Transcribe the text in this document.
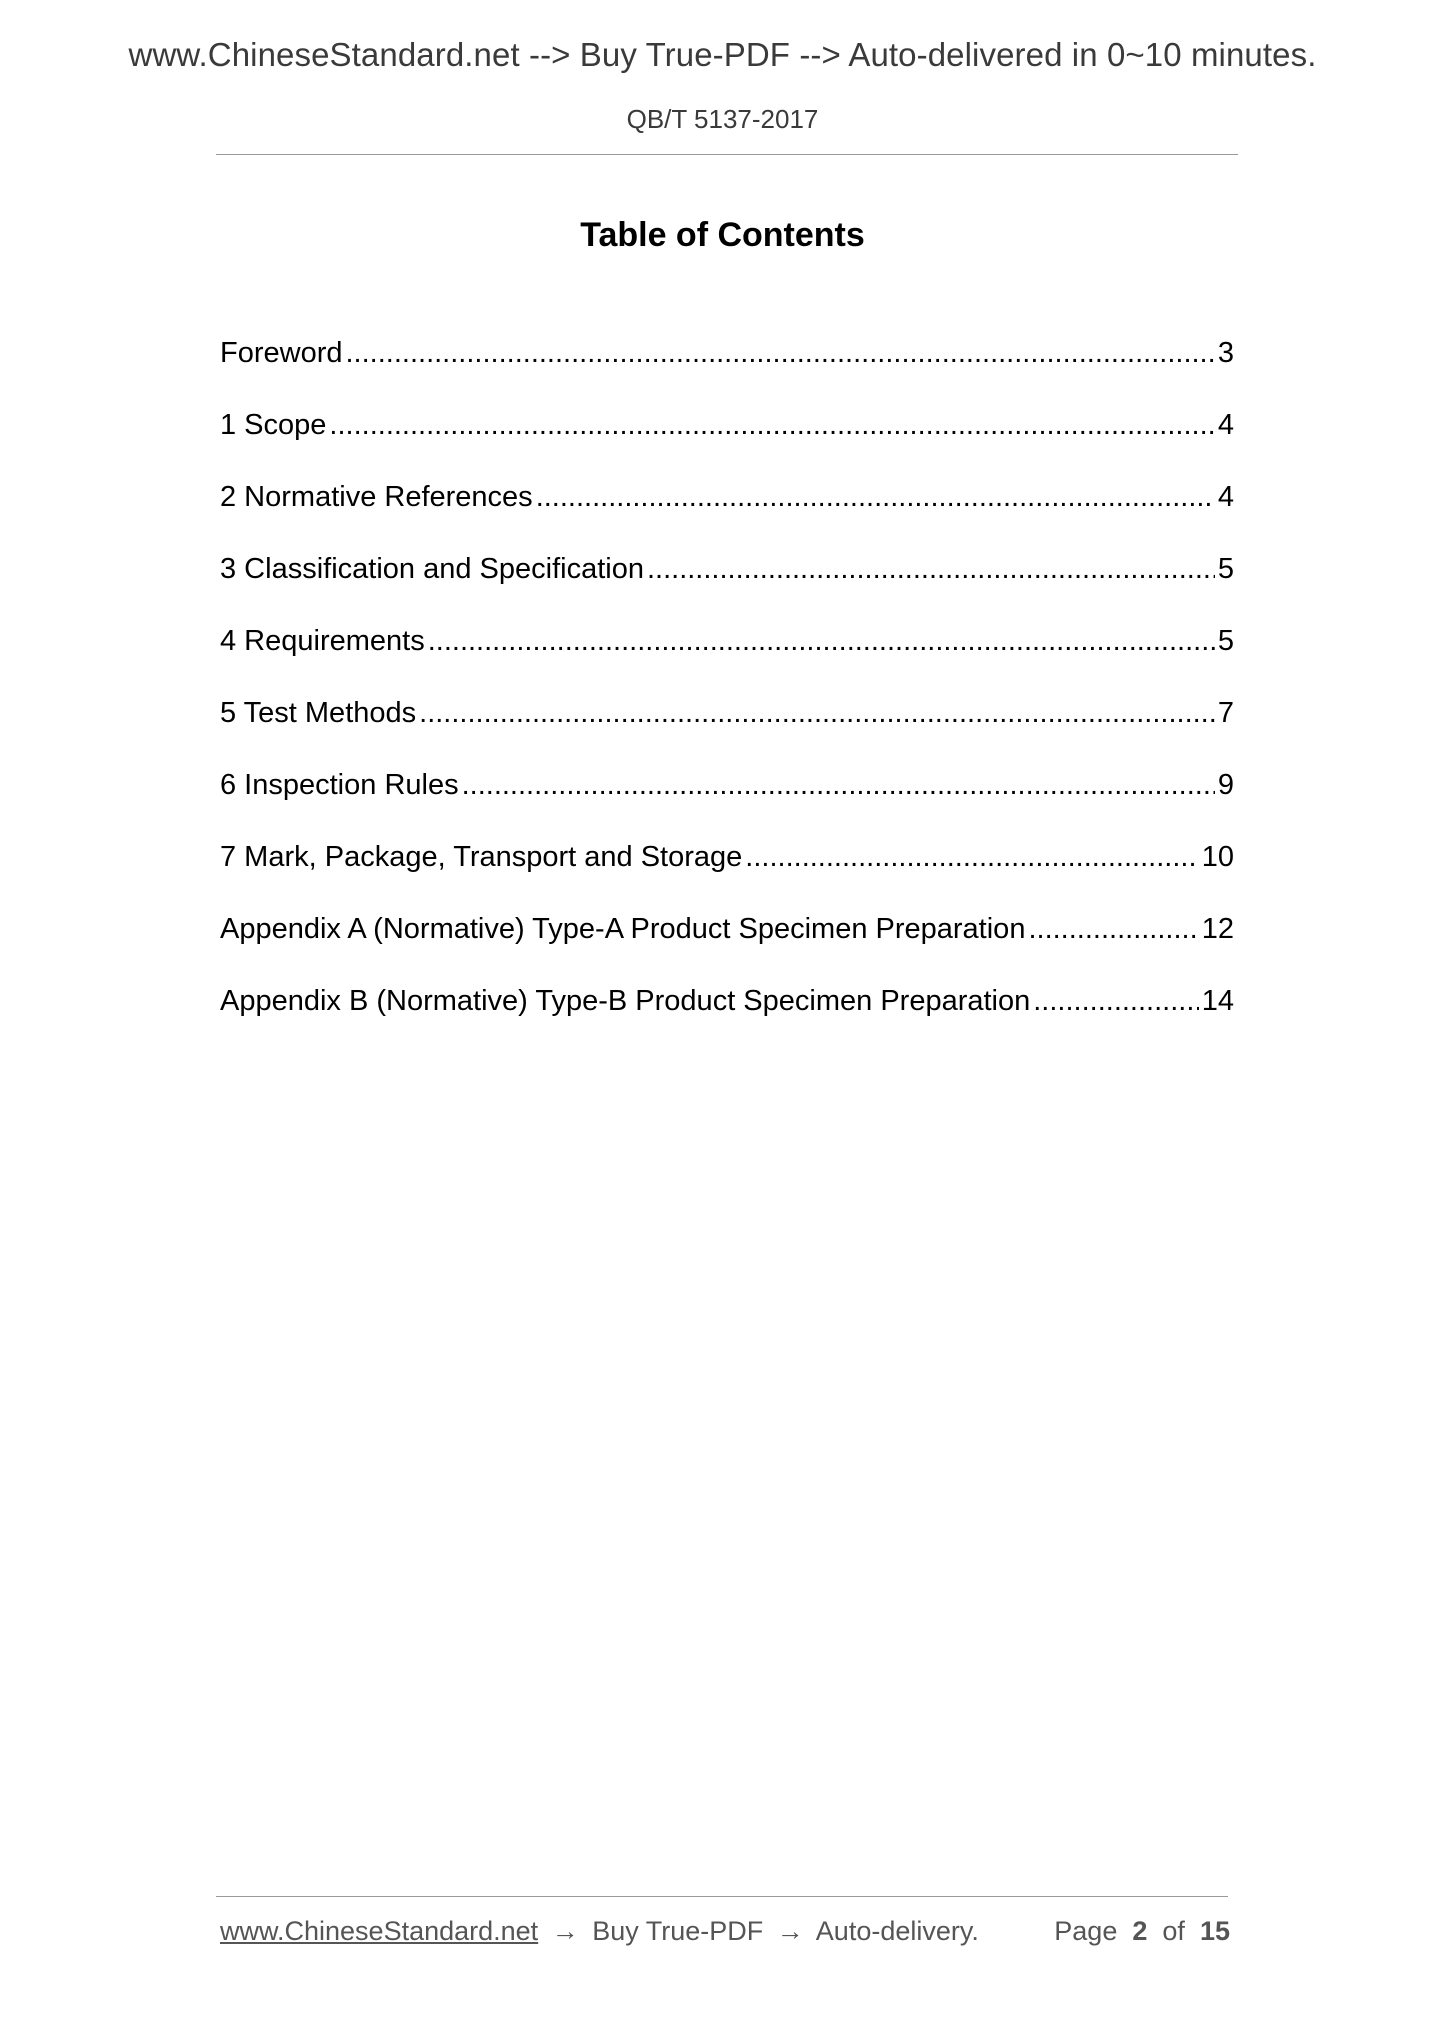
www.ChineseStandard.net --> Buy True-PDF --> Auto-delivered in 0~10 minutes.
QB/T 5137-2017
Table of Contents
Foreword .....	3
1 Scope .....	4
2 Normative References .....	4
3 Classification and Specification .....	5
4 Requirements .....	5
5 Test Methods .....	7
6 Inspection Rules .....	9
7 Mark, Package, Transport and Storage .....	10
Appendix A (Normative) Type-A Product Specimen Preparation .....	12
Appendix B (Normative) Type-B Product Specimen Preparation .....	14
www.ChineseStandard.net → Buy True-PDF → Auto-delivery.	Page 2 of 15
